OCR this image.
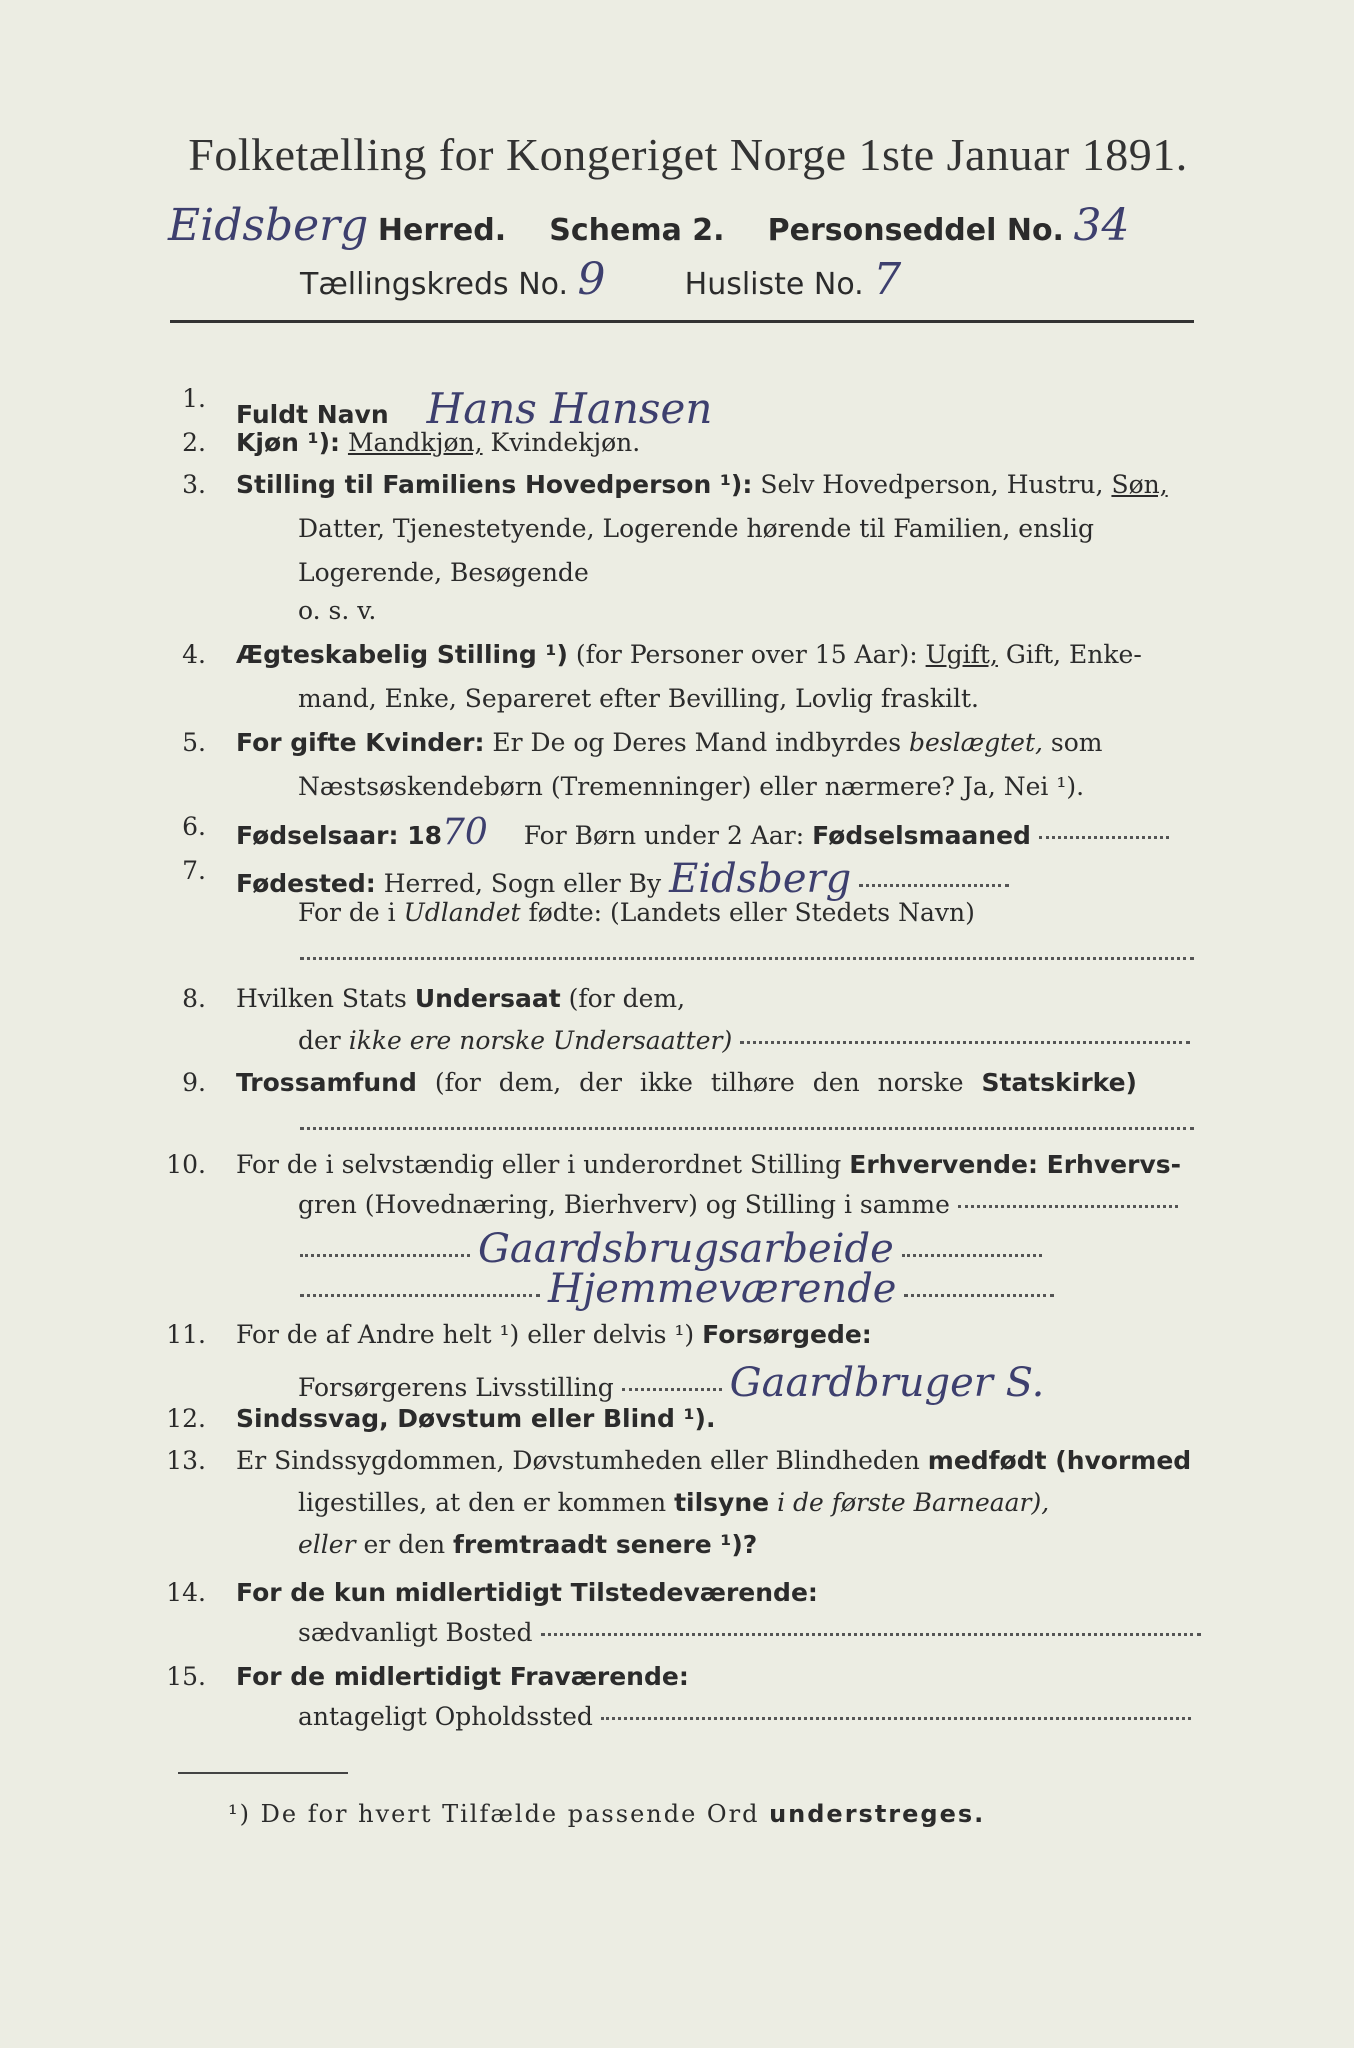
Folketælling for Kongeriget Norge 1ste Januar 1891.
Eidsberg Herred. Schema 2. Personseddel No. 34
Tællingskreds No. 9	Husliste No. 7
1.
Fuldt Navn Hans Hansen
2. Kjøn ¹): Mandkjøn, Kvindekjøn.
3. Stilling til Familiens Hovedperson ¹): Selv Hovedperson, Hustru, Søn,
Datter, Tjenestetyende, Logerende hørende til Familien, enslig
Logerende, Besøgende
o. s. v.
4. Ægteskabelig Stilling ¹) (for Personer over 15 Aar): Ugift, Gift, Enke-
mand, Enke, Separeret efter Bevilling, Lovlig fraskilt.
5. For gifte Kvinder: Er De og Deres Mand indbyrdes beslægtet, som
Næstsøskendebørn (Tremenninger) eller nærmere? Ja, Nei ¹).
6. Fødselsaar: 1870 For Børn under 2 Aar: Fødselsmaaned
7. Fødested: Herred, Sogn eller By Eidsberg
For de i Udlandet fødte: (Landets eller Stedets Navn)
8. Hvilken Stats Undersaat (for dem,
der ikke ere norske Undersaatter)
9. Trossamfund (for dem, der ikke tilhøre den norske Statskirke)
10. For de i selvstændig eller i underordnet Stilling Erhvervende: Erhvervs-
gren (Hovednæring, Bierhverv) og Stilling i samme
Gaardsbrugsarbeide
Hjemmeværende
11. For de af Andre helt ¹) eller delvis ¹) Forsørgede:
Forsørgerens Livsstilling	Gaardbruger S.
12. Sindssvag, Døvstum eller Blind ¹).
13. Er Sindssygdommen, Døvstumheden eller Blindheden medfødt (hvormed
ligestilles, at den er kommen tilsyne i de første Barneaar),
eller er den fremtraadt senere ¹)?
14. For de kun midlertidigt Tilstedeværende:
sædvanligt Bosted
15. For de midlertidigt Fraværende:
antageligt Opholdssted
¹) De for hvert Tilfælde passende Ord understreges.
